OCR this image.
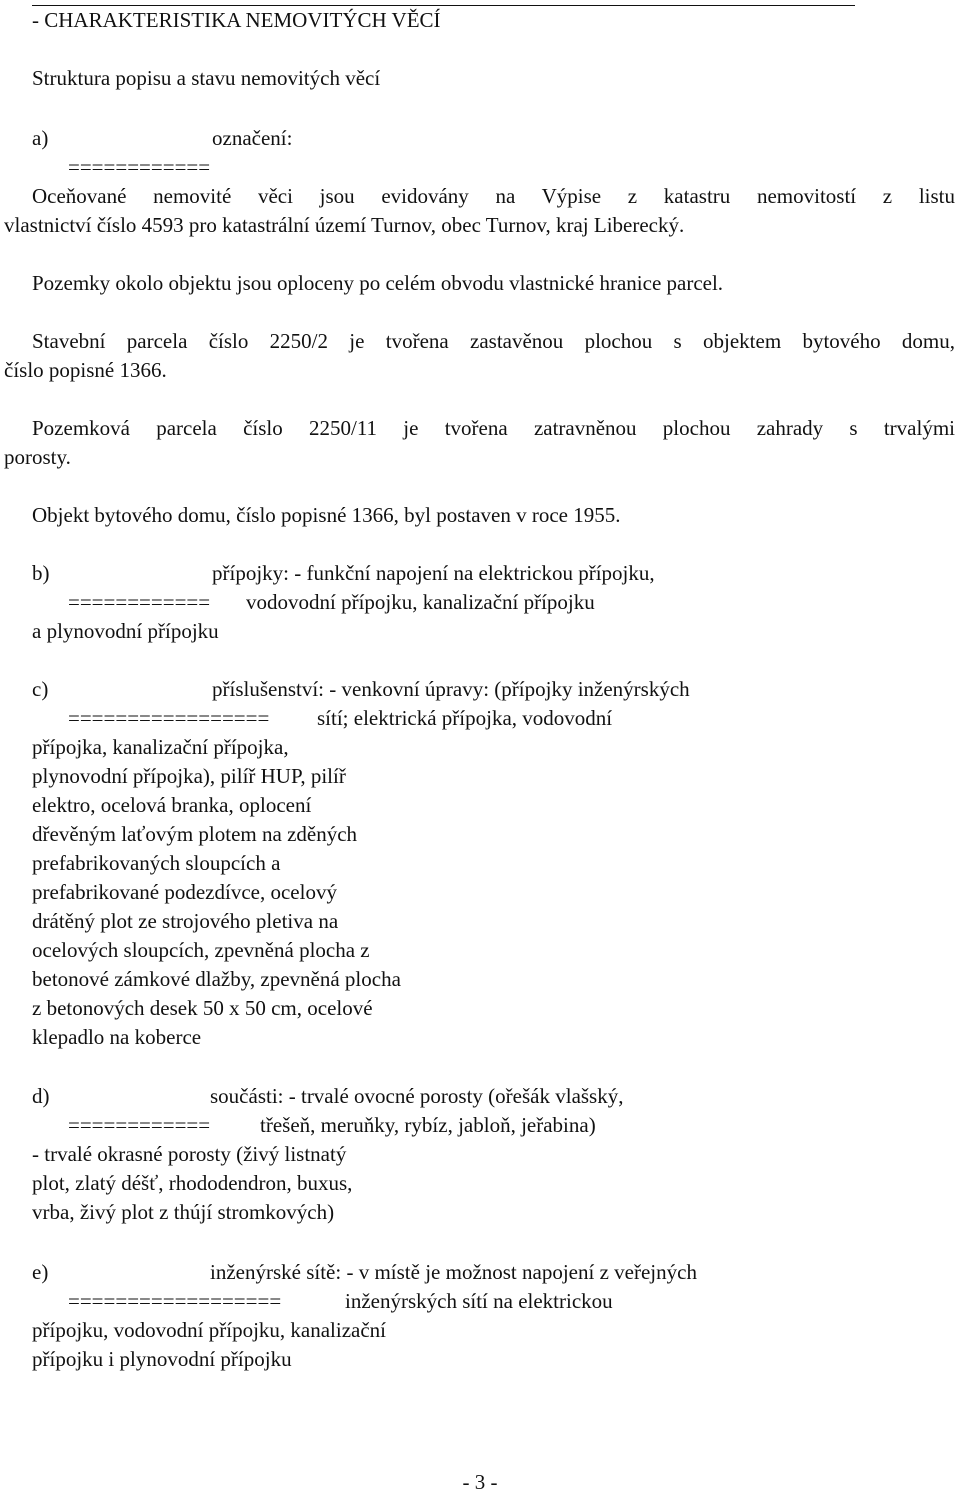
- CHARAKTERISTIKA NEMOVITÝCH VĚCÍ
Struktura popisu a stavu nemovitých věcí
a)	označení:
============
Oceňované nemovité věci jsou evidovány na Výpise z katastru nemovitostí z listu
vlastnictví číslo 4593 pro katastrální území Turnov, obec Turnov, kraj Liberecký.
Pozemky okolo objektu jsou oploceny po celém obvodu vlastnické hranice parcel.
Stavební parcela číslo 2250/2 je tvořena zastavěnou plochou s objektem bytového domu,
číslo popisné 1366.
Pozemková parcela číslo 2250/11 je tvořena zatravněnou plochou zahrady s trvalými
porosty.
Objekt bytového domu, číslo popisné 1366, byl postaven v roce 1955.
b)	přípojky: - funkční napojení na elektrickou přípojku,
============ vodovodní přípojku, kanalizační přípojku
a plynovodní přípojku
c)	příslušenství: - venkovní úpravy: (přípojky inženýrských
================= sítí; elektrická přípojka, vodovodní
přípojka, kanalizační přípojka,
plynovodní přípojka), pilíř HUP, pilíř
elektro, ocelová branka, oplocení
dřevěným laťovým plotem na zděných
prefabrikovaných sloupcích a
prefabrikované podezdívce, ocelový
drátěný plot ze strojového pletiva na
ocelových sloupcích, zpevněná plocha z
betonové zámkové dlažby, zpevněná plocha
z betonových desek 50 x 50 cm, ocelové
klepadlo na koberce
d)	součásti: - trvalé ovocné porosty (ořešák vlašský,
============ třešeň, meruňky, rybíz, jabloň, jeřabina)
- trvalé okrasné porosty (živý listnatý
plot, zlatý déšť, rhododendron, buxus,
vrba, živý plot z thújí stromkových)
e)	inženýrské sítě: - v místě je možnost napojení z veřejných
==================	inženýrských sítí na elektrickou
přípojku, vodovodní přípojku, kanalizační
přípojku i plynovodní přípojku
- 3 -
